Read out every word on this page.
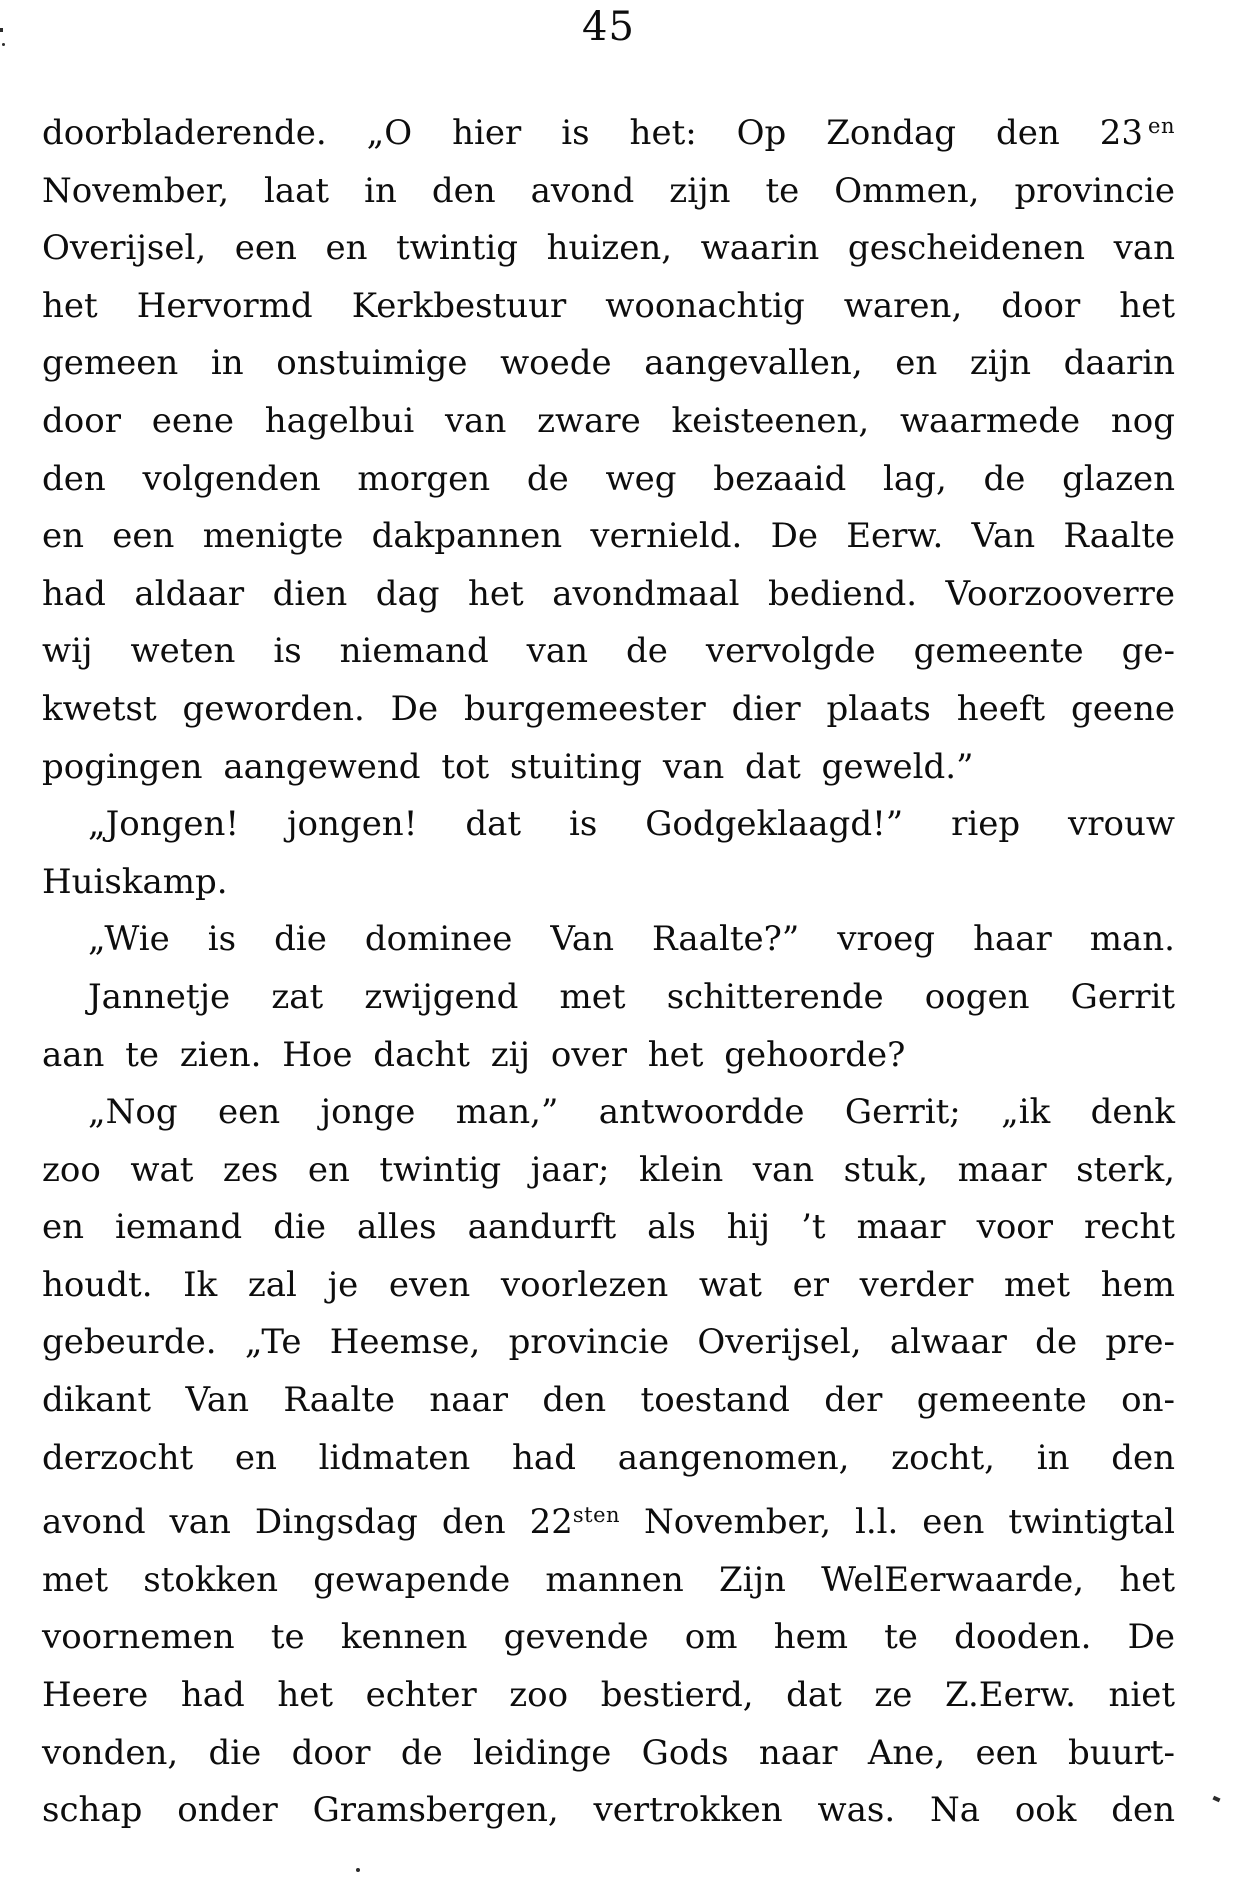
45
doorbladerende. „O hier is het: Op Zondag den 23 $^{en}$
November, laat in den avond zijn te Ommen, provincie
Overijsel, een en twintig huizen, waarin gescheidenen van
het Hervormd Kerkbestuur woonachtig waren, door het
gemeen in onstuimige woede aangevallen, en zijn daarin
door eene hagelbui van zware keisteenen, waarmede nog
den volgenden morgen de weg bezaaid lag, de glazen
en een menigte dakpannen vernield. De Eerw. Van Raalte
had aldaar dien dag het avondmaal bediend. Voorzooverre
wij weten is niemand van de vervolgde gemeente ge-
kwetst geworden. De burgemeester dier plaats heeft geene
pogingen aangewend tot stuiting van dat geweld.”
„Jongen! jongen! dat is Godgeklaagd!” riep vrouw
Huiskamp.
„Wie is die dominee Van Raalte?” vroeg haar man.
Jannetje zat zwijgend met schitterende oogen Gerrit
aan te zien. Hoe dacht zij over het gehoorde?
„Nog een jonge man,” antwoordde Gerrit; „ik denk
zoo wat zes en twintig jaar; klein van stuk, maar sterk,
en iemand die alles aandurft als hij ’t maar voor recht
houdt. Ik zal je even voorlezen wat er verder met hem
gebeurde. „Te Heemse, provincie Overijsel, alwaar de pre-
dikant Van Raalte naar den toestand der gemeente on-
derzocht en lidmaten had aangenomen, zocht, in den
avond van Dingsdag den $22^{sten}$ November, l.l. een twintigtal
met stokken gewapende mannen Zijn WelEerwaarde, het
voornemen te kennen gevende om hem te dooden. De
Heere had het echter zoo bestierd, dat ze Z.Eerw. niet
vonden, die door de leidinge Gods naar Ane, een buurt-
schap onder Gramsbergen, vertrokken was. Na ook den
